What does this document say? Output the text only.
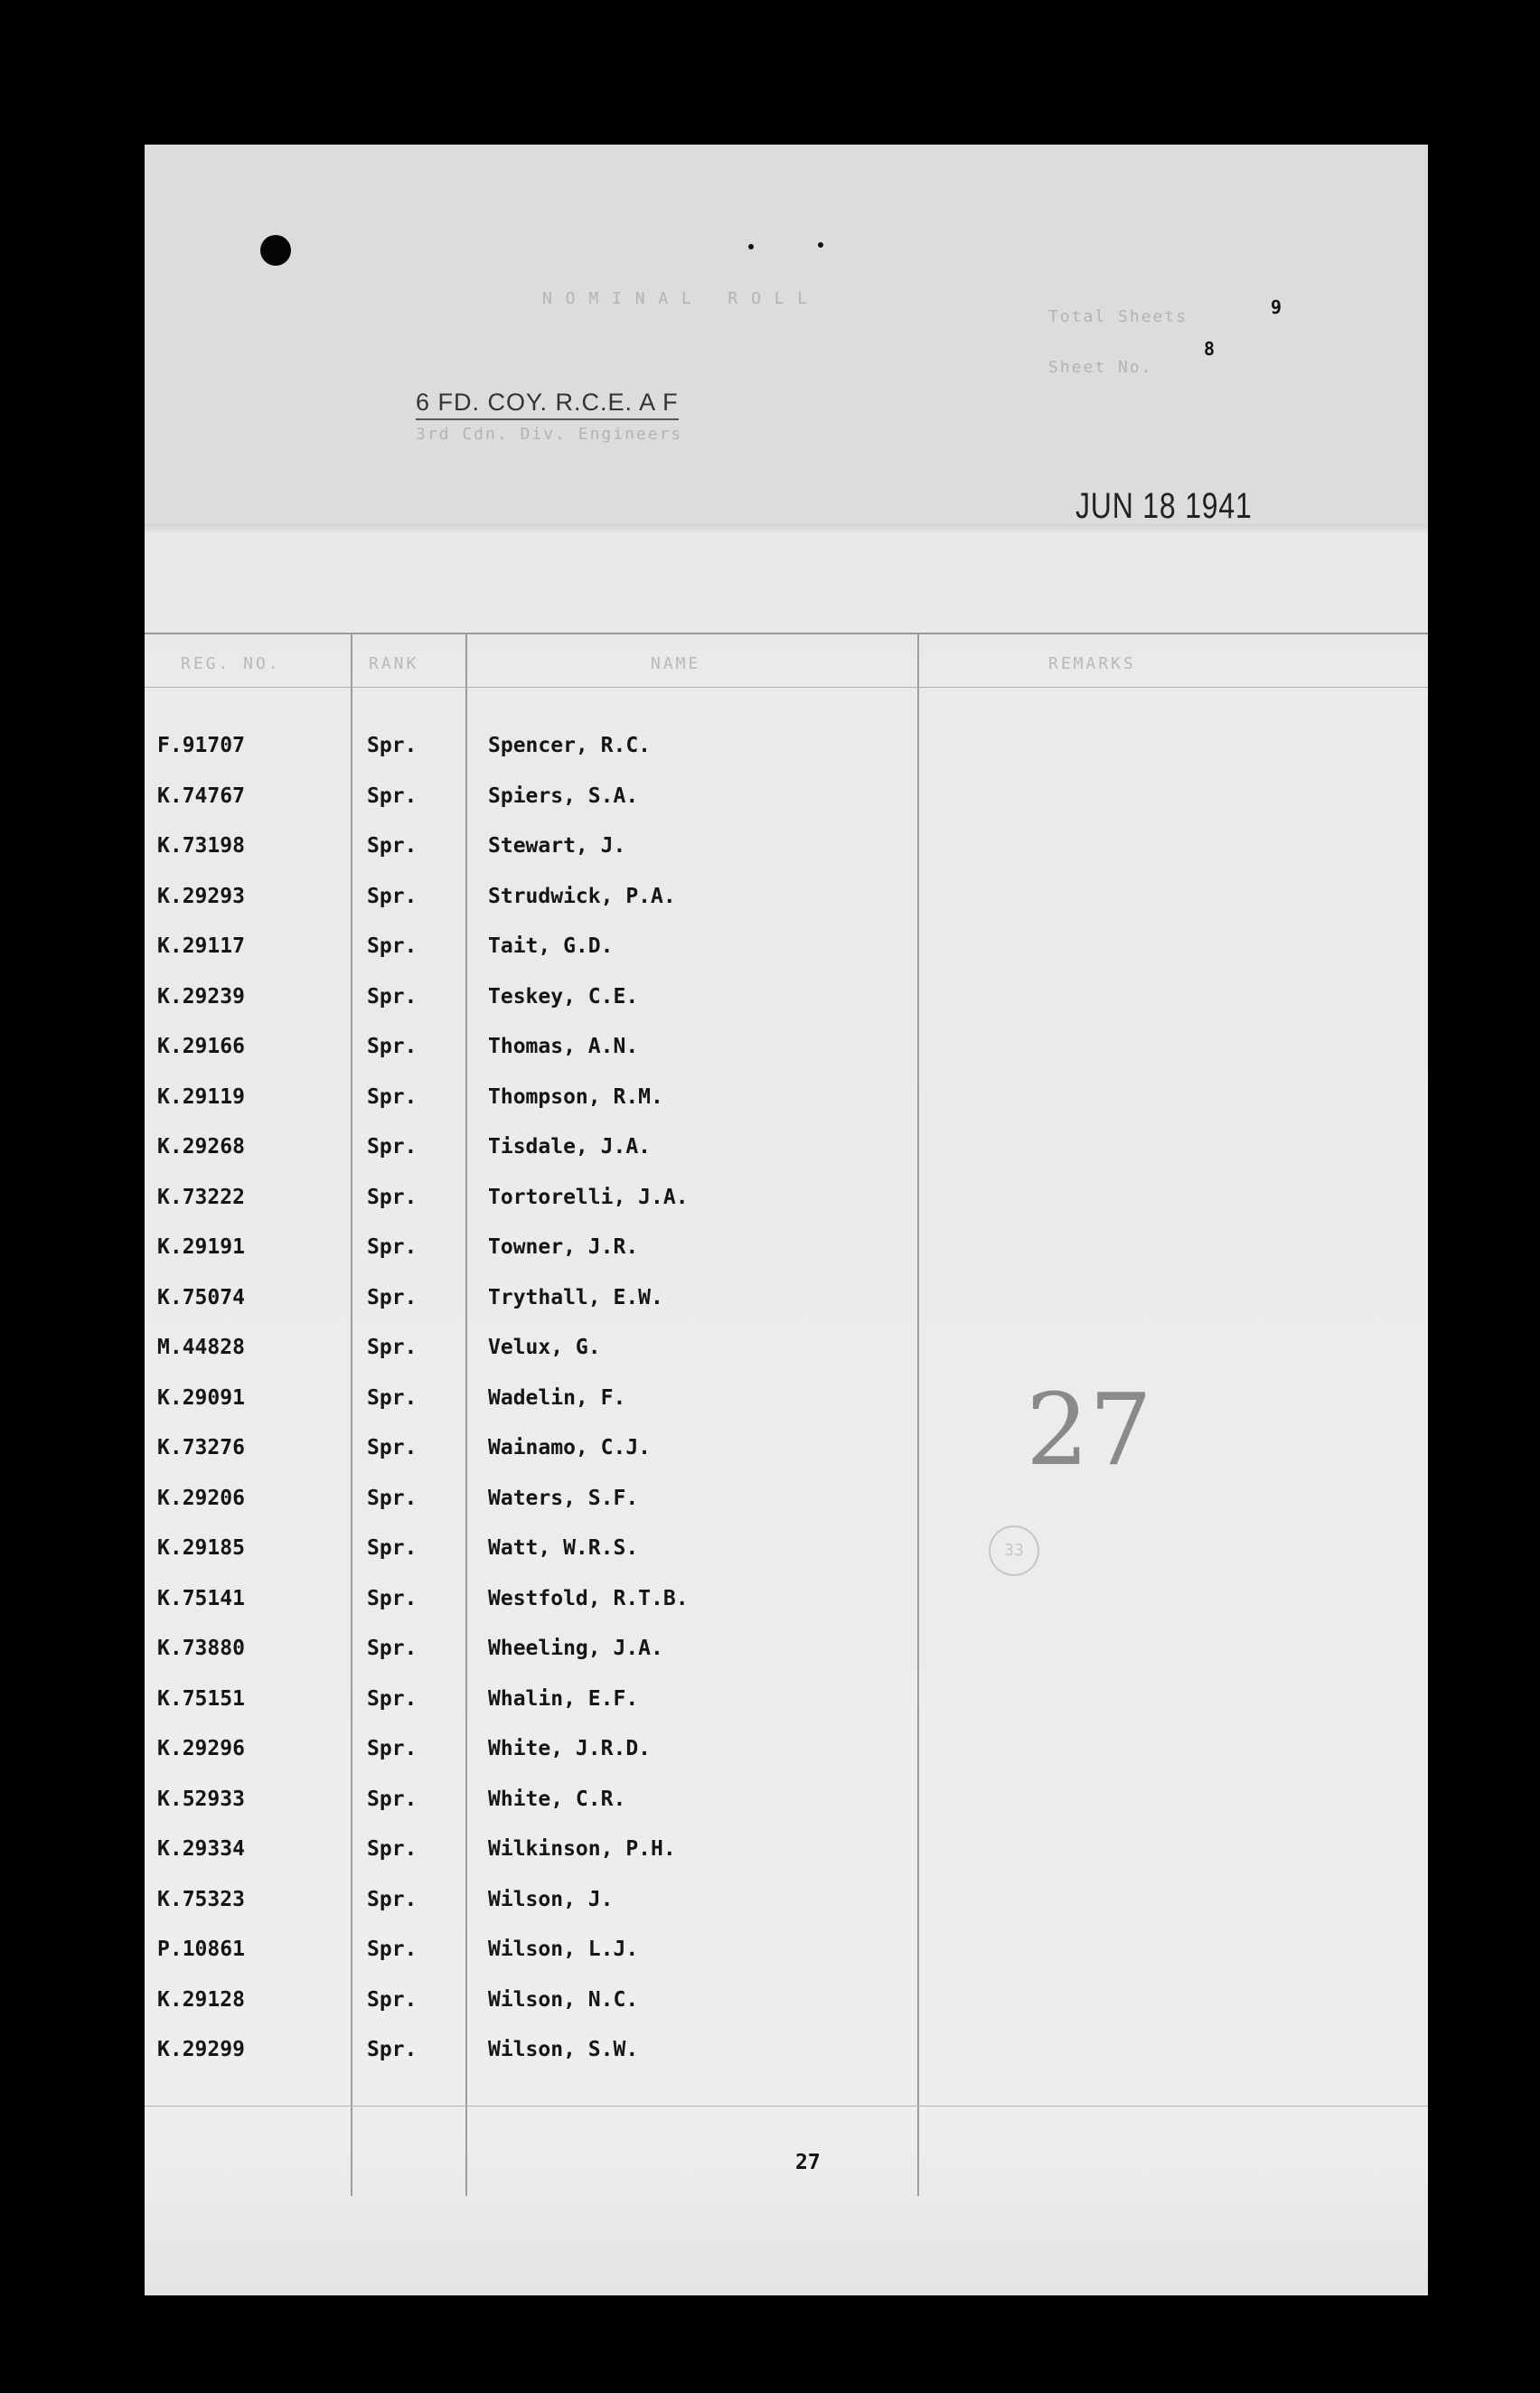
N O M I N A L   R O L L
Total Sheets
Sheet No.
3rd Cdn. Div. Engineers
9
8
6 FD. COY. R.C.E. A F
JUN 18 1941
REG. NO.	RANK	NAME	REMARKS
F.91707	Spr.	Spencer, R.C.
K.74767	Spr.	Spiers, S.A.
K.73198	Spr.	Stewart, J.
K.29293	Spr.	Strudwick, P.A.
K.29117	Spr.	Tait, G.D.
K.29239	Spr.	Teskey, C.E.
K.29166	Spr.	Thomas, A.N.
K.29119	Spr.	Thompson, R.M.
K.29268	Spr.	Tisdale, J.A.
K.73222	Spr.	Tortorelli, J.A.
K.29191	Spr.	Towner, J.R.
K.75074	Spr.	Trythall, E.W.
M.44828	Spr.	Velux, G.
K.29091	Spr.	Wadelin, F.
K.73276	Spr.	Wainamo, C.J.
K.29206	Spr.	Waters, S.F.
K.29185	Spr.	Watt, W.R.S.
K.75141	Spr.	Westfold, R.T.B.
K.73880	Spr.	Wheeling, J.A.
K.75151	Spr.	Whalin, E.F.
K.29296	Spr.	White, J.R.D.
K.52933	Spr.	White, C.R.
K.29334	Spr.	Wilkinson, P.H.
K.75323	Spr.	Wilson, J.
P.10861	Spr.	Wilson, L.J.
K.29128	Spr.	Wilson, N.C.
K.29299	Spr.	Wilson, S.W.
27
33
27
